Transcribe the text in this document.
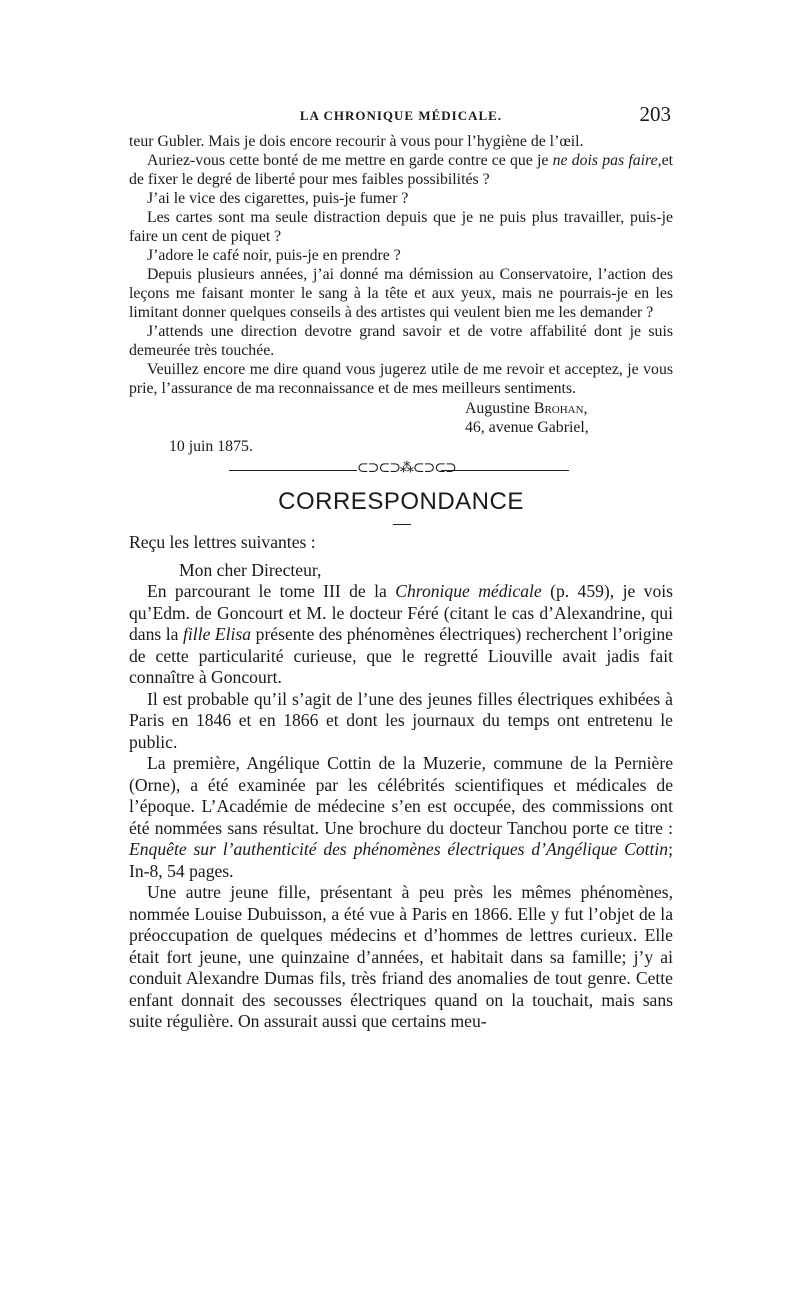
LA CHRONIQUE MÉDICALE.	203

teur Gubler. Mais je dois encore recourir à vous pour l’hygiène de l’œil.

Auriez-vous cette bonté de me mettre en garde contre ce que je ne dois pas faire,et de fixer le degré de liberté pour mes faibles possibilités ?

J’ai le vice des cigarettes, puis-je fumer ?

Les cartes sont ma seule distraction depuis que je ne puis plus travailler, puis-je faire un cent de piquet ?

J’adore le café noir, puis-je en prendre ?

Depuis plusieurs années, j’ai donné ma démission au Conservatoire, l’action des leçons me faisant monter le sang à la tête et aux yeux, mais ne pourrais-je en les limitant donner quelques conseils à des artistes qui veulent bien me les demander ?

J’attends une direction devotre grand savoir et de votre affabilité dont je suis demeurée très touchée.

Veuillez encore me dire quand vous jugerez utile de me revoir et acceptez, je vous prie, l’assurance de ma reconnaissance et de mes meilleurs sentiments.

Augustine Brohan,
46, avenue Gabriel,
10 juin 1875.
⊂⊃⊂⊃⁂⊂⊃⊂⊃
CORRESPONDANCE

Reçu les lettres suivantes :

Mon cher Directeur,

En parcourant le tome III de la Chronique médicale (p. 459), je vois qu’Edm. de Goncourt et M. le docteur Féré (citant le cas d’Alexandrine, qui dans la fille Elisa présente des phénomènes électriques) recherchent l’origine de cette particularité curieuse, que le regretté Liouville avait jadis fait connaître à Goncourt.

Il est probable qu’il s’agit de l’une des jeunes filles électriques exhibées à Paris en 1846 et en 1866 et dont les journaux du temps ont entretenu le public.

La première, Angélique Cottin de la Muzerie, commune de la Pernière (Orne), a été examinée par les célébrités scientifiques et médicales de l’époque. L’Académie de médecine s’en est occupée, des commissions ont été nommées sans résultat. Une brochure du docteur Tanchou porte ce titre : Enquête sur l’authenticité des phénomènes électriques d’Angélique Cottin; In-8, 54 pages.

Une autre jeune fille, présentant à peu près les mêmes phénomènes, nommée Louise Dubuisson, a été vue à Paris en 1866. Elle y fut l’objet de la préoccupation de quelques médecins et d’hommes de lettres curieux. Elle était fort jeune, une quinzaine d’années, et habitait dans sa famille; j’y ai conduit Alexandre Dumas fils, très friand des anomalies de tout genre. Cette enfant donnait des secousses électriques quand on la touchait, mais sans suite régulière. On assurait aussi que certains meu-
